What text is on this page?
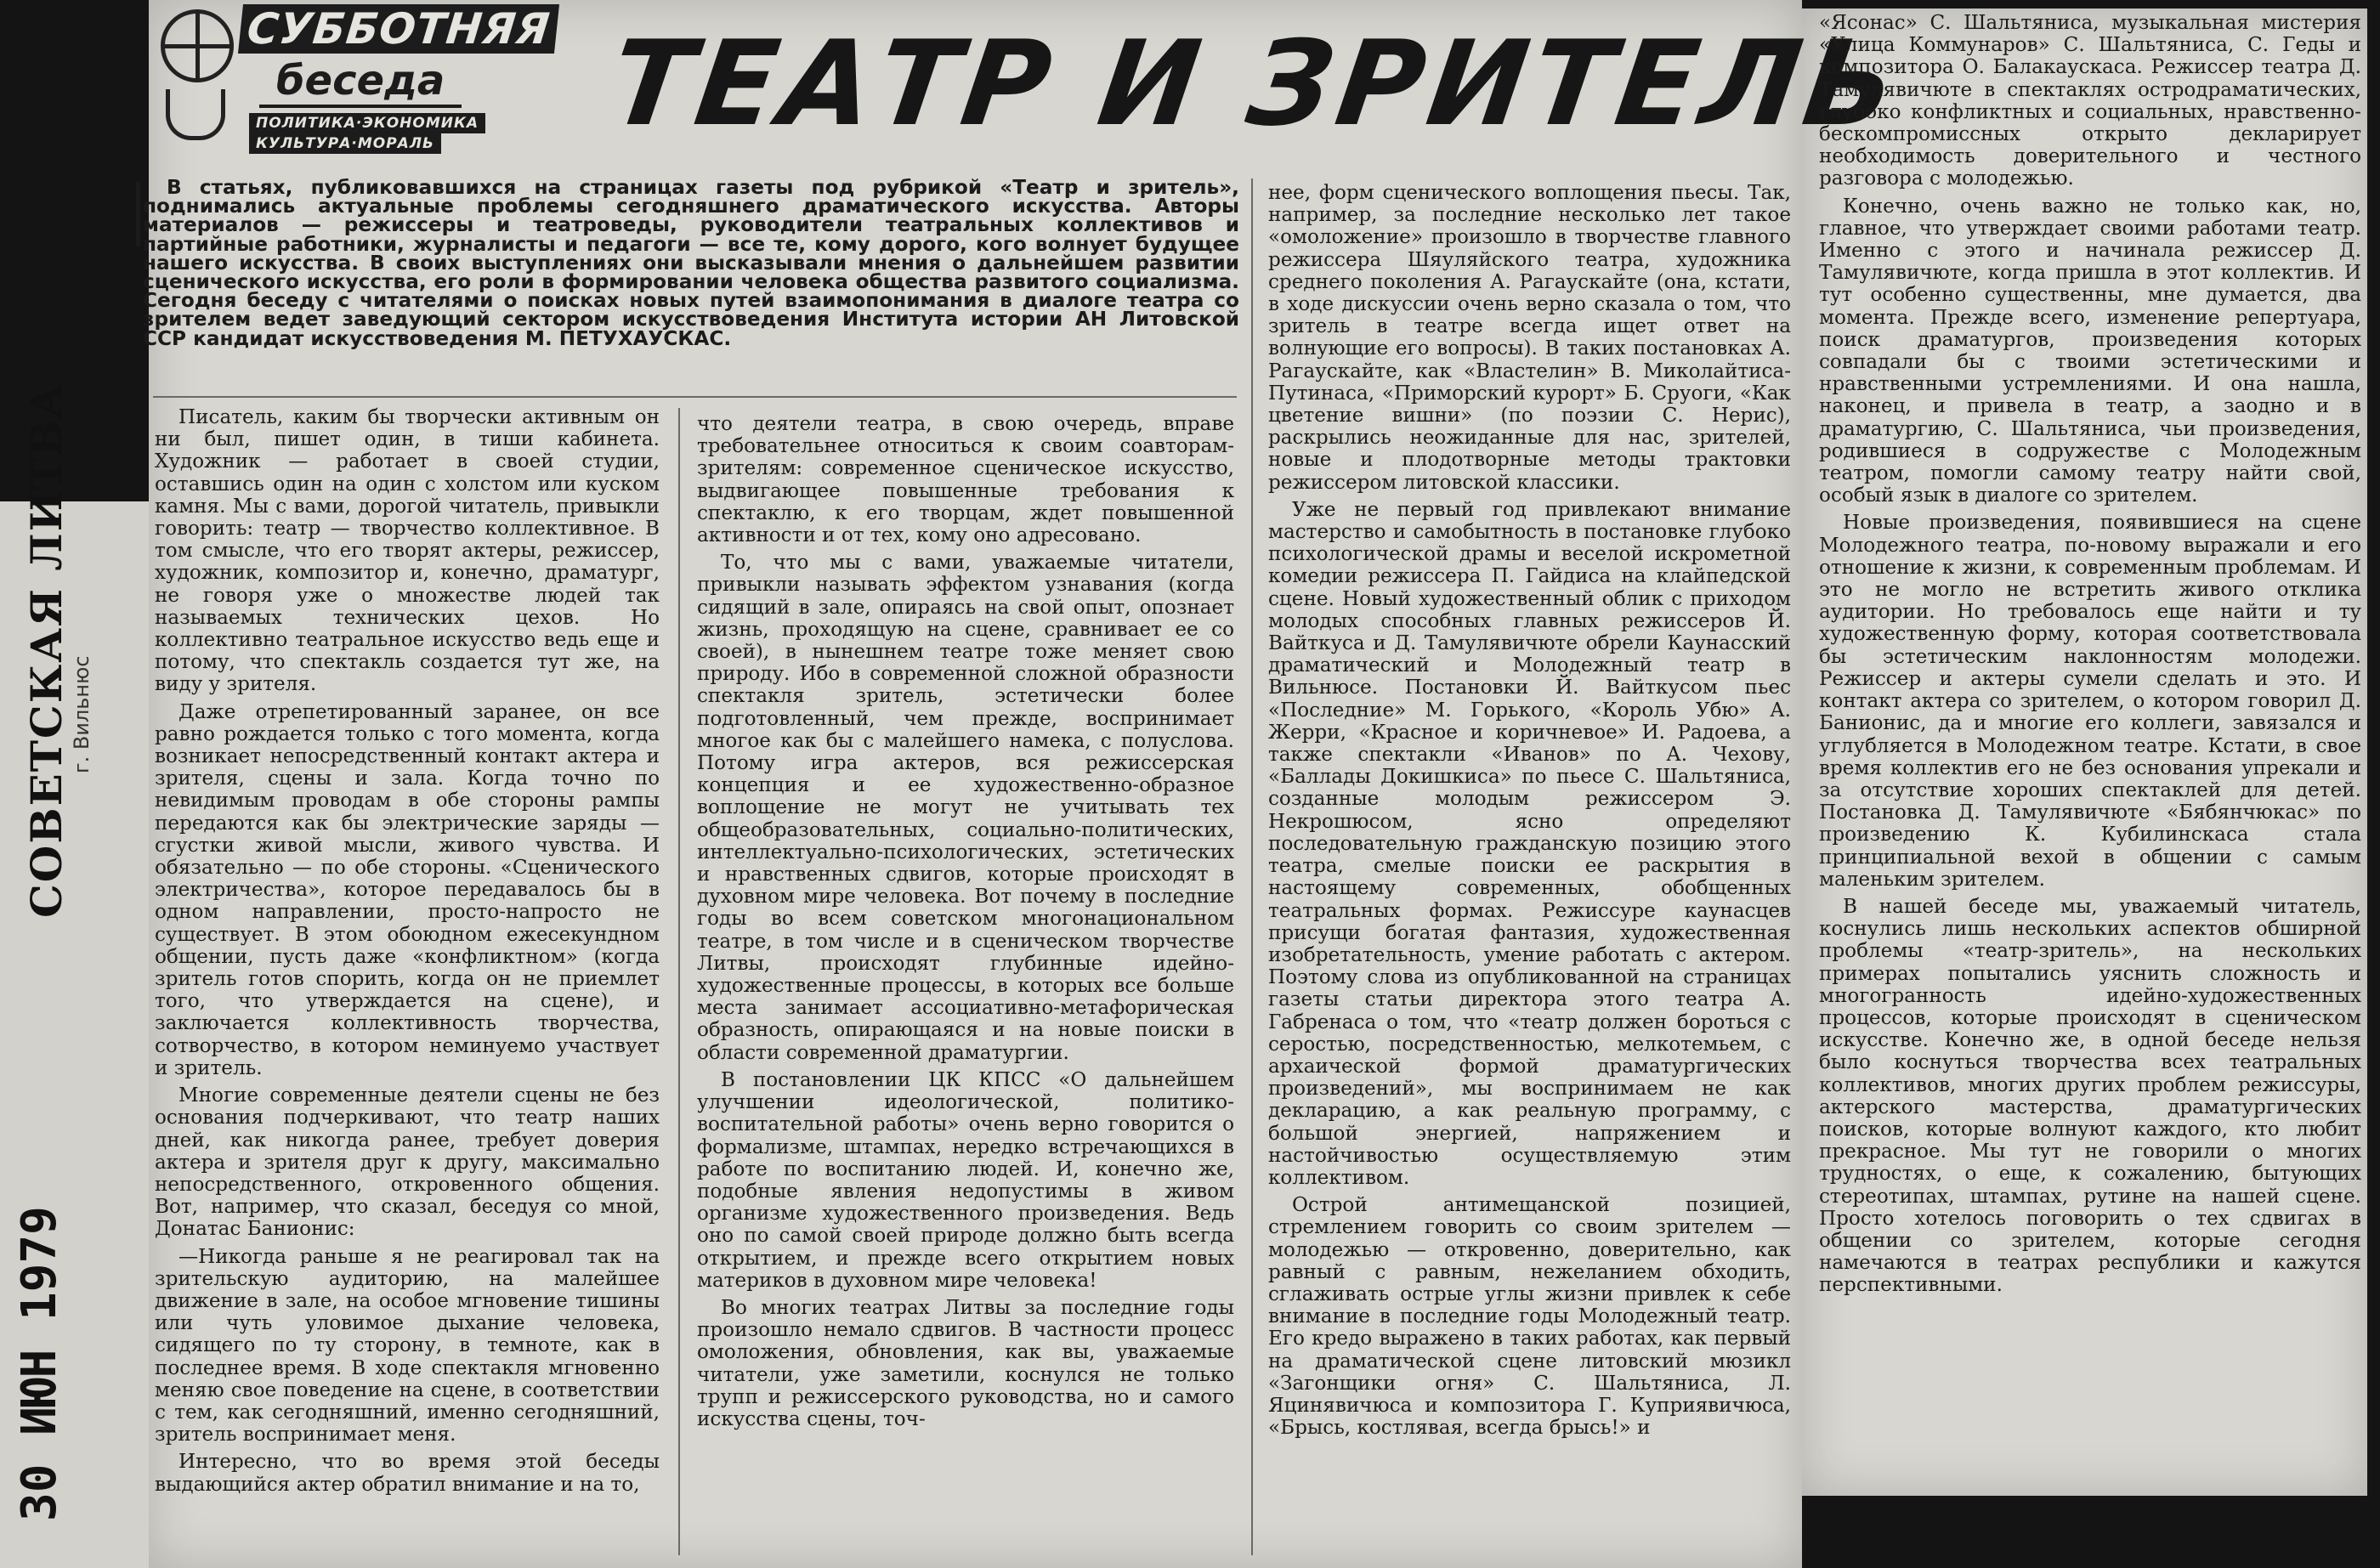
СОВЕТСКАЯ ЛИТВА
г. Вильнюс
30 ИЮН 1979
СУББОТНЯЯ
беседа
ПОЛИТИКА·ЭКОНОМИКА
КУЛЬТУРА·МОРАЛЬ ТЕАТР И ЗРИТЕЛЬ
В статьях, публиковавшихся на страницах газеты под рубрикой «Театр и зритель», поднимались актуальные проблемы сегодняшнего драматического искусства. Авторы материалов — режиссеры и театроведы, руководители театральных коллективов и партийные работники, журналисты и педагоги — все те, кому дорого, кого волнует будущее нашего искусства. В своих выступлениях они высказывали мнения о дальнейшем развитии сценического искусства, его роли в формировании человека общества развитого социализма. Сегодня беседу с читателями о поисках новых путей взаимопонимания в диалоге театра со зрителем ведет заведующий сектором искусствоведения Института истории АН Литовской ССР кандидат искусствоведения М. ПЕТУХАУСКАС.

Писатель, каким бы творчески активным он ни был, пишет один, в тиши кабинета. Художник — работает в своей студии, оставшись один на один с холстом или куском камня. Мы с вами, дорогой читатель, привыкли говорить: театр — творчество коллективное. В том смысле, что его творят актеры, режиссер, художник, композитор и, конечно, драматург, не говоря уже о множестве людей так называемых технических цехов. Но коллективно театральное искусство ведь еще и потому, что спектакль создается тут же, на виду у зрителя.

Даже отрепетированный заранее, он все равно рождается только с того момента, когда возникает непосредственный контакт актера и зрителя, сцены и зала. Когда точно по невидимым проводам в обе стороны рампы передаются как бы электрические заряды — сгустки живой мысли, живого чувства. И обязательно — по обе стороны. «Сценического электричества», которое передавалось бы в одном направлении, просто-напросто не существует. В этом обоюдном ежесекундном общении, пусть даже «конфликтном» (когда зритель готов спорить, когда он не приемлет того, что утверждается на сцене), и заключается коллективность творчества, сотворчество, в котором неминуемо участвует и зритель.

Многие современные деятели сцены не без основания подчеркивают, что театр наших дней, как никогда ранее, требует доверия актера и зрителя друг к другу, максимально непосредственного, откровенного общения. Вот, например, что сказал, беседуя со мной, Донатас Банионис:

—Никогда раньше я не реагировал так на зрительскую аудиторию, на малейшее движение в зале, на особое мгновение тишины или чуть уловимое дыхание человека, сидящего по ту сторону, в темноте, как в последнее время. В ходе спектакля мгновенно меняю свое поведение на сцене, в соответствии с тем, как сегодняшний, именно сегодняшний, зритель воспринимает меня.

Интересно, что во время этой беседы выдающийся актер обратил внимание и на то,

что деятели театра, в свою очередь, вправе требовательнее относиться к своим соавторам-зрителям: современное сценическое искусство, выдвигающее повышенные требования к спектаклю, к его творцам, ждет повышенной активности и от тех, кому оно адресовано.

То, что мы с вами, уважаемые читатели, привыкли называть эффектом узнавания (когда сидящий в зале, опираясь на свой опыт, опознает жизнь, проходящую на сцене, сравнивает ее со своей), в нынешнем театре тоже меняет свою природу. Ибо в современной сложной образности спектакля зритель, эстетически более подготовленный, чем прежде, воспринимает многое как бы с малейшего намека, с полуслова. Потому игра актеров, вся режиссерская концепция и ее художественно-образное воплощение не могут не учитывать тех общеобразовательных, социально-политических, интеллектуально-психологических, эстетических и нравственных сдвигов, которые происходят в духовном мире человека. Вот почему в последние годы во всем советском многонациональном театре, в том числе и в сценическом творчестве Литвы, происходят глубинные идейно-художественные процессы, в которых все больше места занимает ассоциативно-метафорическая образность, опирающаяся и на новые поиски в области современной драматургии.

В постановлении ЦК КПСС «О дальнейшем улучшении идеологической, политико-воспитательной работы» очень верно говорится о формализме, штампах, нередко встречающихся в работе по воспитанию людей. И, конечно же, подобные явления недопустимы в живом организме художественного произведения. Ведь оно по самой своей природе должно быть всегда открытием, и прежде всего открытием новых материков в духовном мире человека!

Во многих театрах Литвы за последние годы произошло немало сдвигов. В частности процесс омоложения, обновления, как вы, уважаемые читатели, уже заметили, коснулся не только трупп и режиссерского руководства, но и самого искусства сцены, точ-

нее, форм сценического воплощения пьесы. Так, например, за последние несколько лет такое «омоложение» произошло в творчестве главного режиссера Шяуляйского театра, художника среднего поколения А. Рагаускайте (она, кстати, в ходе дискуссии очень верно сказала о том, что зритель в театре всегда ищет ответ на волнующие его вопросы). В таких постановках А. Рагаускайте, как «Властелин» В. Миколайтиса-Путинаса, «Приморский курорт» Б. Сруоги, «Как цветение вишни» (по поэзии С. Нерис), раскрылись неожиданные для нас, зрителей, новые и плодотворные методы трактовки режиссером литовской классики.

Уже не первый год привлекают внимание мастерство и самобытность в постановке глубоко психологической драмы и веселой искрометной комедии режиссера П. Гайдиса на клайпедской сцене. Новый художественный облик с приходом молодых способных главных режиссеров Й. Вайткуса и Д. Тамулявичюте обрели Каунасский драматический и Молодежный театр в Вильнюсе. Постановки Й. Вайткусом пьес «Последние» М. Горького, «Король Убю» А. Жерри, «Красное и коричневое» И. Радоева, а также спектакли «Иванов» по А. Чехову, «Баллады Докишкиса» по пьесе С. Шальтяниса, созданные молодым режиссером Э. Некрошюсом, ясно определяют последовательную гражданскую позицию этого театра, смелые поиски ее раскрытия в настоящему современных, обобщенных театральных формах. Режиссуре каунасцев присущи богатая фантазия, художественная изобретательность, умение работать с актером. Поэтому слова из опубликованной на страницах газеты статьи директора этого театра А. Габренаса о том, что «театр должен бороться с серостью, посредственностью, мелкотемьем, с архаической формой драматургических произведений», мы воспринимаем не как декларацию, а как реальную программу, с большой энергией, напряжением и настойчивостью осуществляемую этим коллективом.

Острой антимещанской позицией, стремлением говорить со своим зрителем — молодежью — откровенно, доверительно, как равный с равным, нежеланием обходить, сглаживать острые углы жизни привлек к себе внимание в последние годы Молодежный театр. Его кредо выражено в таких работах, как первый на драматической сцене литовский мюзикл «Загонщики огня» С. Шальтяниса, Л. Яцинявичюса и композитора Г. Куприявичюса, «Брысь, костлявая, всегда брысь!» и

«Ясонас» С. Шальтяниса, музыкальная мистерия «Улица Коммунаров» С. Шальтяниса, С. Геды и композитора О. Балакаускаса. Режиссер театра Д. Тамулявичюте в спектаклях остродраматических, глубоко конфликтных и социальных, нравственно-бескомпромиссных открыто декларирует необходимость доверительного и честного разговора с молодежью.

Конечно, очень важно не только как, но, главное, что утверждает своими работами театр. Именно с этого и начинала режиссер Д. Тамулявичюте, когда пришла в этот коллектив. И тут особенно существенны, мне думается, два момента. Прежде всего, изменение репертуара, поиск драматургов, произведения которых совпадали бы с твоими эстетическими и нравственными устремлениями. И она нашла, наконец, и привела в театр, а заодно и в драматургию, С. Шальтяниса, чьи произведения, родившиеся в содружестве с Молодежным театром, помогли самому театру найти свой, особый язык в диалоге со зрителем.

Новые произведения, появившиеся на сцене Молодежного театра, по-новому выражали и его отношение к жизни, к современным проблемам. И это не могло не встретить живого отклика аудитории. Но требовалось еще найти и ту художественную форму, которая соответствовала бы эстетическим наклонностям молодежи. Режиссер и актеры сумели сделать и это. И контакт актера со зрителем, о котором говорил Д. Банионис, да и многие его коллеги, завязался и углубляется в Молодежном театре. Кстати, в свое время коллектив его не без основания упрекали и за отсутствие хороших спектаклей для детей. Постановка Д. Тамулявичюте «Бябянчюкас» по произведению К. Кубилинскаса стала принципиальной вехой в общении с самым маленьким зрителем.

В нашей беседе мы, уважаемый читатель, коснулись лишь нескольких аспектов обширной проблемы «театр-зритель», на нескольких примерах попытались уяснить сложность и многогранность идейно-художественных процессов, которые происходят в сценическом искусстве. Конечно же, в одной беседе нельзя было коснуться творчества всех театральных коллективов, многих других проблем режиссуры, актерского мастерства, драматургических поисков, которые волнуют каждого, кто любит прекрасное. Мы тут не говорили о многих трудностях, о еще, к сожалению, бытующих стереотипах, штампах, рутине на нашей сцене. Просто хотелось поговорить о тех сдвигах в общении со зрителем, которые сегодня намечаются в театрах республики и кажутся перспективными.
